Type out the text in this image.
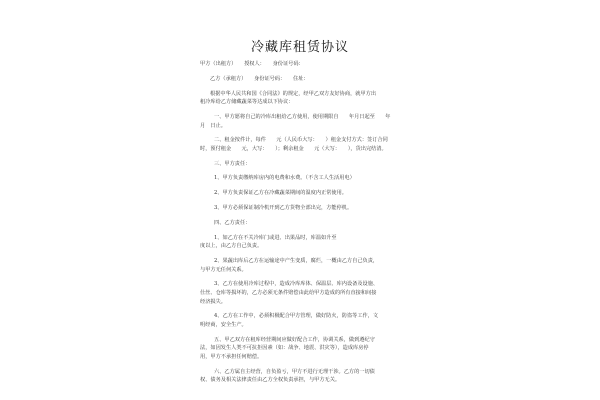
冷藏库租赁协议
甲方（出租方）　　授权人：　　身份证号码：
乙方（承租方）　　身份证号码：　　住址：
根据中华人民共和国《合同法》的规定，经甲乙双方友好协商，就甲方出
租冷库给乙方储藏蔬菜等达成以下协议：
一、甲方愿将自己的冷库出租给乙方使用，使用期限自　　年月日起至　　年
月　日止。
二、租金按件计，每件　　元（人民币大写：　　）租金支付方式：签订合同
时，预付租金　　元，大写：　　）；剩余租金　　元（大写：　　），货出完结清。
三、甲方责任：
1、甲方负责缴纳库房内的电费和水费。（不含工人生活用电）
2、甲方负责保证乙方在冷藏蔬菜期间的温度内正常使用。
3、甲方必须保证制冷机开到乙方货物全部出完，方能停机。
四、乙方责任：
1、如乙方在不关冷库门或进、出果品时，库温如升至
度以上，由乙方自己负责。
2、果蔬出库后乙方在运输途中产生变质，腐烂，一概由乙方自己负责，
与甲方无任何关系。
3、乙方在使用冷库过程中，造成冷库库体、保温层、库内设备及设施、
仕丝、仓库等损坏的，乙方必须无条件赔偿由此给甲方造成的所有直接和间接
经济损失。
4、乙方在工作中，必须积极配合甲方管理，做好防火，防盗等工作，文
明经商，安全生产。
五、甲乙双方在租库经营期间应做好配合工作，协调关系，做到遵纪守
法，如因发生人类不可抗拒因素（如：战争、地震、洪灾等），造成库房停
用，甲方不承担任何赔偿。
六、乙方属自主经营，自负盈亏，甲方不进行无理干涉。乙方的一切债
权、债务及相关法律责任由乙方全权负责承担，与甲方无关。
